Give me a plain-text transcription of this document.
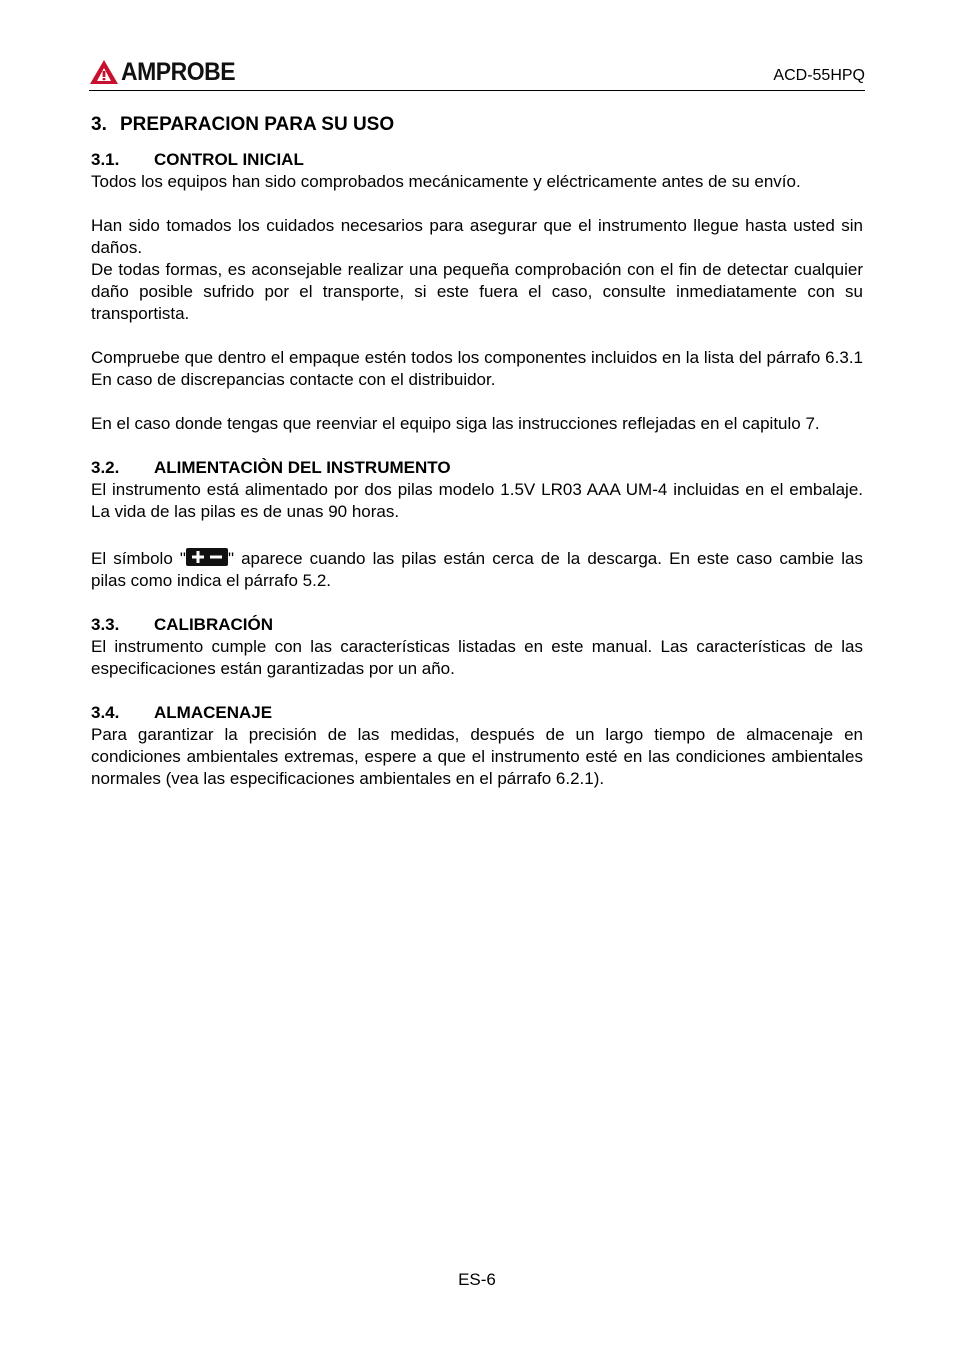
AMPROBE	ACD-55HPQ
3. PREPARACION PARA SU USO
3.1. CONTROL INICIAL

Todos los equipos han sido comprobados mecánicamente y eléctricamente antes de su envío.

Han sido tomados los cuidados necesarios para asegurar que el instrumento llegue hasta usted sin daños.

De todas formas, es aconsejable realizar una pequeña comprobación con el fin de detectar cualquier daño posible sufrido por el transporte, si este fuera el caso, consulte inmediatamente con su transportista.

Compruebe que dentro el empaque estén todos los componentes incluidos en la lista del párrafo 6.3.1 En caso de discrepancias contacte con el distribuidor.

En el caso donde tengas que reenviar el equipo siga las instrucciones reflejadas en el capitulo 7.

3.2. ALIMENTACIÒN DEL INSTRUMENTO

El instrumento está alimentado por dos pilas modelo 1.5V LR03 AAA UM-4 incluidas en el embalaje. La vida de las pilas es de unas 90 horas.

El símbolo " " aparece cuando las pilas están cerca de la descarga. En este caso cambie las pilas como indica el párrafo 5.2.

3.3. CALIBRACIÓN

El instrumento cumple con las características listadas en este manual. Las características de las especificaciones están garantizadas por un año.

3.4. ALMACENAJE

Para garantizar la precisión de las medidas, después de un largo tiempo de almacenaje en condiciones ambientales extremas, espere a que el instrumento esté en las condiciones ambientales normales (vea las especificaciones ambientales en el párrafo 6.2.1).

ES-6
